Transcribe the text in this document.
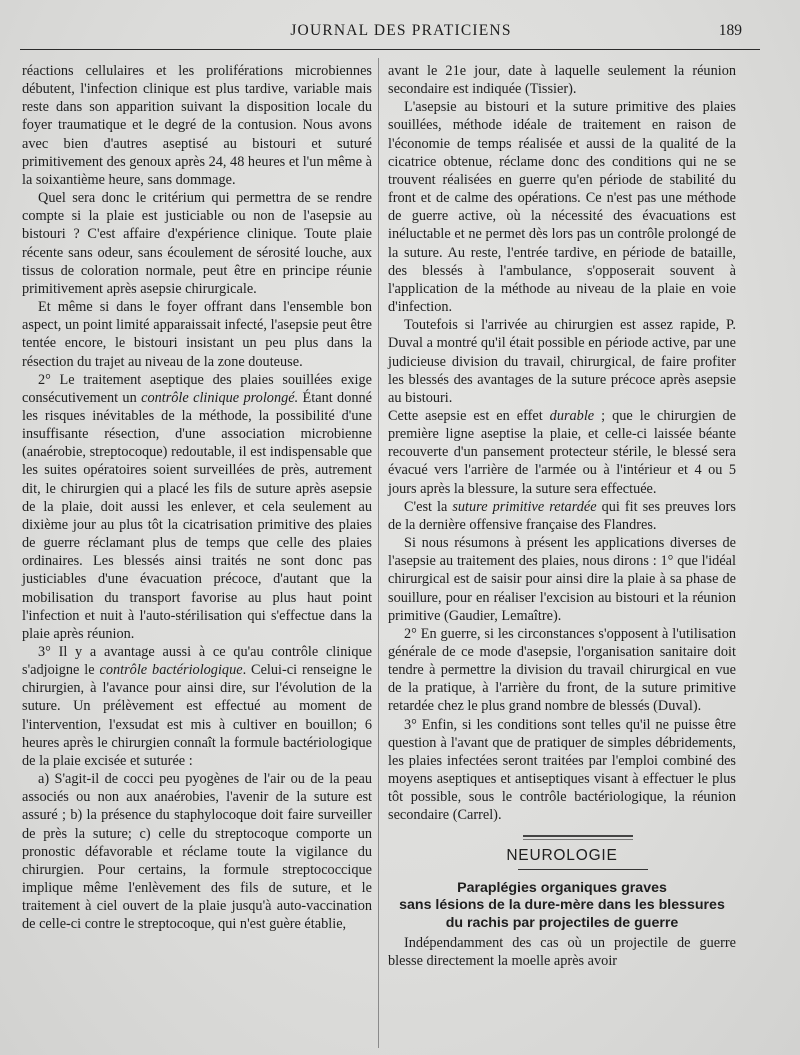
JOURNAL DES PRATICIENS	189

réactions cellulaires et les proliférations microbiennes débutent, l'infection clinique est plus tardive, variable mais reste dans son apparition suivant la disposition locale du foyer traumatique et le degré de la contusion. Nous avons avec bien d'autres aseptisé au bistouri et suturé primitivement des genoux après 24, 48 heures et l'un même à la soixantième heure, sans dommage.

Quel sera donc le critérium qui permettra de se rendre compte si la plaie est justiciable ou non de l'asepsie au bistouri ? C'est affaire d'expérience clinique. Toute plaie récente sans odeur, sans écoulement de sérosité louche, aux tissus de coloration normale, peut être en principe réunie primitivement après asepsie chirurgicale.

Et même si dans le foyer offrant dans l'ensemble bon aspect, un point limité apparaissait infecté, l'asepsie peut être tentée encore, le bistouri insistant un peu plus dans la résection du trajet au niveau de la zone douteuse.

2° Le traitement aseptique des plaies souillées exige consécutivement un contrôle clinique prolongé. Étant donné les risques inévitables de la méthode, la possibilité d'une insuffisante résection, d'une association microbienne (anaérobie, streptocoque) redoutable, il est indispensable que les suites opératoires soient surveillées de près, autrement dit, le chirurgien qui a placé les fils de suture après asepsie de la plaie, doit aussi les enlever, et cela seulement au dixième jour au plus tôt la cicatrisation primitive des plaies de guerre réclamant plus de temps que celle des plaies ordinaires. Les blessés ainsi traités ne sont donc pas justiciables d'une évacuation précoce, d'autant que la mobilisation du transport favorise au plus haut point l'infection et nuit à l'auto-stérilisation qui s'effectue dans la plaie après réunion.

3° Il y a avantage aussi à ce qu'au contrôle clinique s'adjoigne le contrôle bactériologique. Celui-ci renseigne le chirurgien, à l'avance pour ainsi dire, sur l'évolution de la suture. Un prélèvement est effectué au moment de l'intervention, l'exsudat est mis à cultiver en bouillon; 6 heures après le chirurgien connaît la formule bactériologique de la plaie excisée et suturée :

a) S'agit-il de cocci peu pyogènes de l'air ou de la peau associés ou non aux anaérobies, l'avenir de la suture est assuré ; b) la présence du staphylocoque doit faire surveiller de près la suture; c) celle du streptocoque comporte un pronostic défavorable et réclame toute la vigilance du chirurgien. Pour certains, la formule streptococcique implique même l'enlèvement des fils de suture, et le traitement à ciel ouvert de la plaie jusqu'à auto-vaccination de celle-ci contre le streptocoque, qui n'est guère établie,

avant le 21e jour, date à laquelle seulement la réunion secondaire est indiquée (Tissier).

L'asepsie au bistouri et la suture primitive des plaies souillées, méthode idéale de traitement en raison de l'économie de temps réalisée et aussi de la qualité de la cicatrice obtenue, réclame donc des conditions qui ne se trouvent réalisées en guerre qu'en période de stabilité du front et de calme des opérations. Ce n'est pas une méthode de guerre active, où la nécessité des évacuations est inéluctable et ne permet dès lors pas un contrôle prolongé de la suture. Au reste, l'entrée tardive, en période de bataille, des blessés à l'ambulance, s'opposerait souvent à l'application de la méthode au niveau de la plaie en voie d'infection.

Toutefois si l'arrivée au chirurgien est assez rapide, P. Duval a montré qu'il était possible en période active, par une judicieuse division du travail, chirurgical, de faire profiter les blessés des avantages de la suture précoce après asepsie au bistouri.

Cette asepsie est en effet durable ; que le chirurgien de première ligne aseptise la plaie, et celle-ci laissée béante recouverte d'un pansement protecteur stérile, le blessé sera évacué vers l'arrière de l'armée ou à l'intérieur et 4 ou 5 jours après la blessure, la suture sera effectuée.

C'est la suture primitive retardée qui fit ses preuves lors de la dernière offensive française des Flandres.

Si nous résumons à présent les applications diverses de l'asepsie au traitement des plaies, nous dirons : 1° que l'idéal chirurgical est de saisir pour ainsi dire la plaie à sa phase de souillure, pour en réaliser l'excision au bistouri et la réunion primitive (Gaudier, Lemaître).

2° En guerre, si les circonstances s'opposent à l'utilisation générale de ce mode d'asepsie, l'organisation sanitaire doit tendre à permettre la division du travail chirurgical en vue de la pratique, à l'arrière du front, de la suture primitive retardée chez le plus grand nombre de blessés (Duval).

3° Enfin, si les conditions sont telles qu'il ne puisse être question à l'avant que de pratiquer de simples débridements, les plaies infectées seront traitées par l'emploi combiné des moyens aseptiques et antiseptiques visant à effectuer le plus tôt possible, sous le contrôle bactériologique, la réunion secondaire (Carrel).

NEUROLOGIE
Paraplégies organiques graves
sans lésions de la dure-mère dans les blessures
du rachis par projectiles de guerre

Indépendamment des cas où un projectile de guerre blesse directement la moelle après avoir
